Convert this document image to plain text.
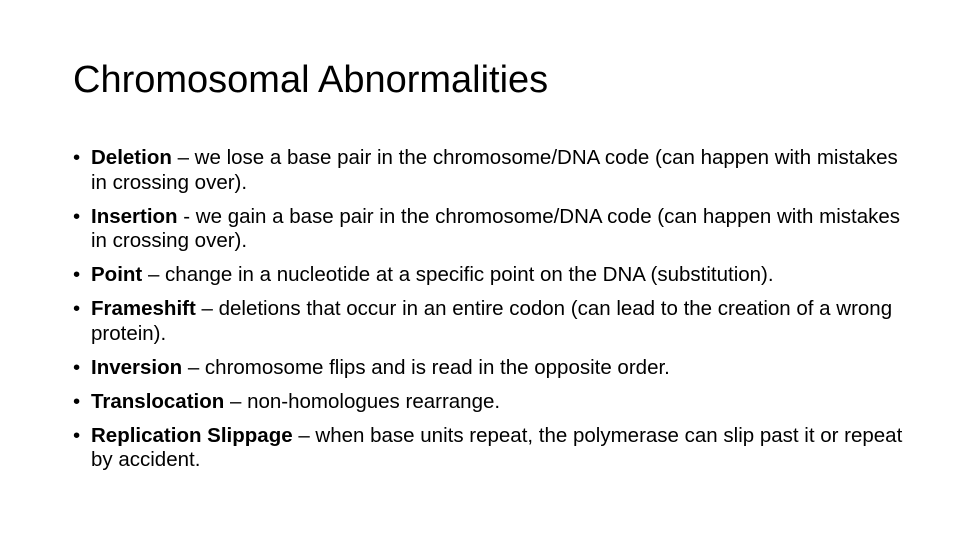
Chromosomal Abnormalities
• Deletion – we lose a base pair in the chromosome/DNA code (can happen with mistakes in crossing over).
• Insertion - we gain a base pair in the chromosome/DNA code (can happen with mistakes in crossing over).
• Point – change in a nucleotide at a specific point on the DNA (substitution).
• Frameshift – deletions that occur in an entire codon (can lead to the creation of a wrong protein).
• Inversion – chromosome flips and is read in the opposite order.
• Translocation – non-homologues rearrange.
• Replication Slippage – when base units repeat, the polymerase can slip past it or repeat by accident.
